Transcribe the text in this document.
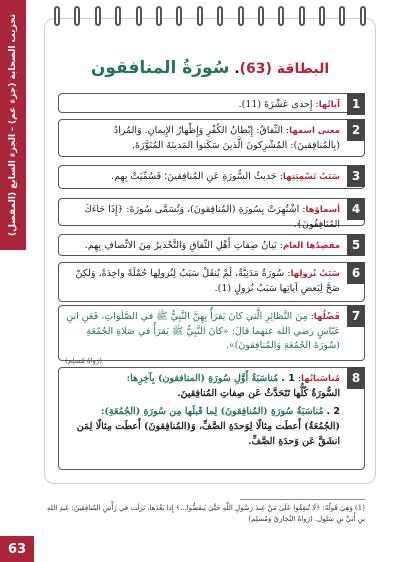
تحزيب الصحابة (جزء عم) - الجزء السابع (المفصل)	البطاقة (63). سُورَةُ المنافقون
1
آياتُها: إِحدى عَشْرَةَ (11).
2
معنى اسمها: النِّفاقُ: إِبْطانُ الكُفْرِ وَإِظْهارُ الإِيمانِ. وَالمُرادُ (بِالمُنافِقينَ): المُشْرِكونَ الَّذينَ سَكَنوا المَدينَةَ المُنَوَّرَةَ.
3
سَبَبُ تَسْمِيَتِها: حَديثُ السُّورَةِ عَنِ المُنافِقينَ؛ فَسُمِّيَتْ بِهِم.
4
أسماؤها: اشْتُهِرَتْ بِسُورَةِ (المُنافِقونَ)، وَتُسَمَّى سُورَةَ: ﴿إِذَا جَاءَكَ المُنَافِقُونَ﴾.
5
مقصِدُها العام: بَيانُ صِفاتِ أَهْلِ النِّفاقِ وَالتَّحْذيرُ مِنَ الاتِّصافِ بِهِم.
6
سَبَبُ نُزولِها: سُورَةٌ مَدَنِيَّةٌ، لَمْ يُنقَلْ سَبَبٌ لِنُزولِها جُمْلَةً واحِدَةً، وَلكِنْ صَحَّ لِبَعضِ آياتِها سَبَبُ نُزولٍ (1).
7
فَضْلُها: مِنَ النَّظائِرِ الَّتي كانَ يَقرَأُ بِهِنَّ النَّبِيُّ ﷺ في الصَّلَواتِ، فَعَنِ ابنِ عَبّاسٍ رضي الله عنهما قالَ: «كانَ النَّبِيُّ ﷺ يَقرَأُ في صَلاةِ الجُمُعَةِ (سُورَةَ الجُمُعَةِ وَالمُنافِقونَ)».
(رَواهُ مُسلِم)
8
مُناسَباتُها: 1 . مُناسَبَةُ أَوَّلِ سُورَةِ (المنافقون) بِآخِرِها:
السُّورَةُ كُلُّها تَتَحَدَّثُ عَن صِفاتِ المُنافِقينَ.
2 . مُناسَبَةُ سُورَةِ (المُنافِقونَ) لِما قَبلَها مِن سُورَةِ (الجُمُعَةِ):
(الجُمُعَةُ) أَعطَت مِثالًا لِوَحدَةِ الصَّفِّ، وَ(المُنافِقونَ) أَعطَت مِثالًا لِمَن انشَقَّ عَن وَحدَةِ الصَّفِّ.
(1) وَهِيَ قَولُهُ: ﴿لَا تُنفِقُوا عَلَىٰ مَنْ عِندَ رَسُولِ اللَّهِ حَتَّىٰ يَنفَضُّوا...﴾ إِذا بَعْدَها، نَزَلَت في رَأْسِ المُنافِقينَ: عَبدِ اللهِ بنِ أُبَيِّ بنِ سَلول. (رَواهُ البُخاريّ وَمُسلِم)
63
